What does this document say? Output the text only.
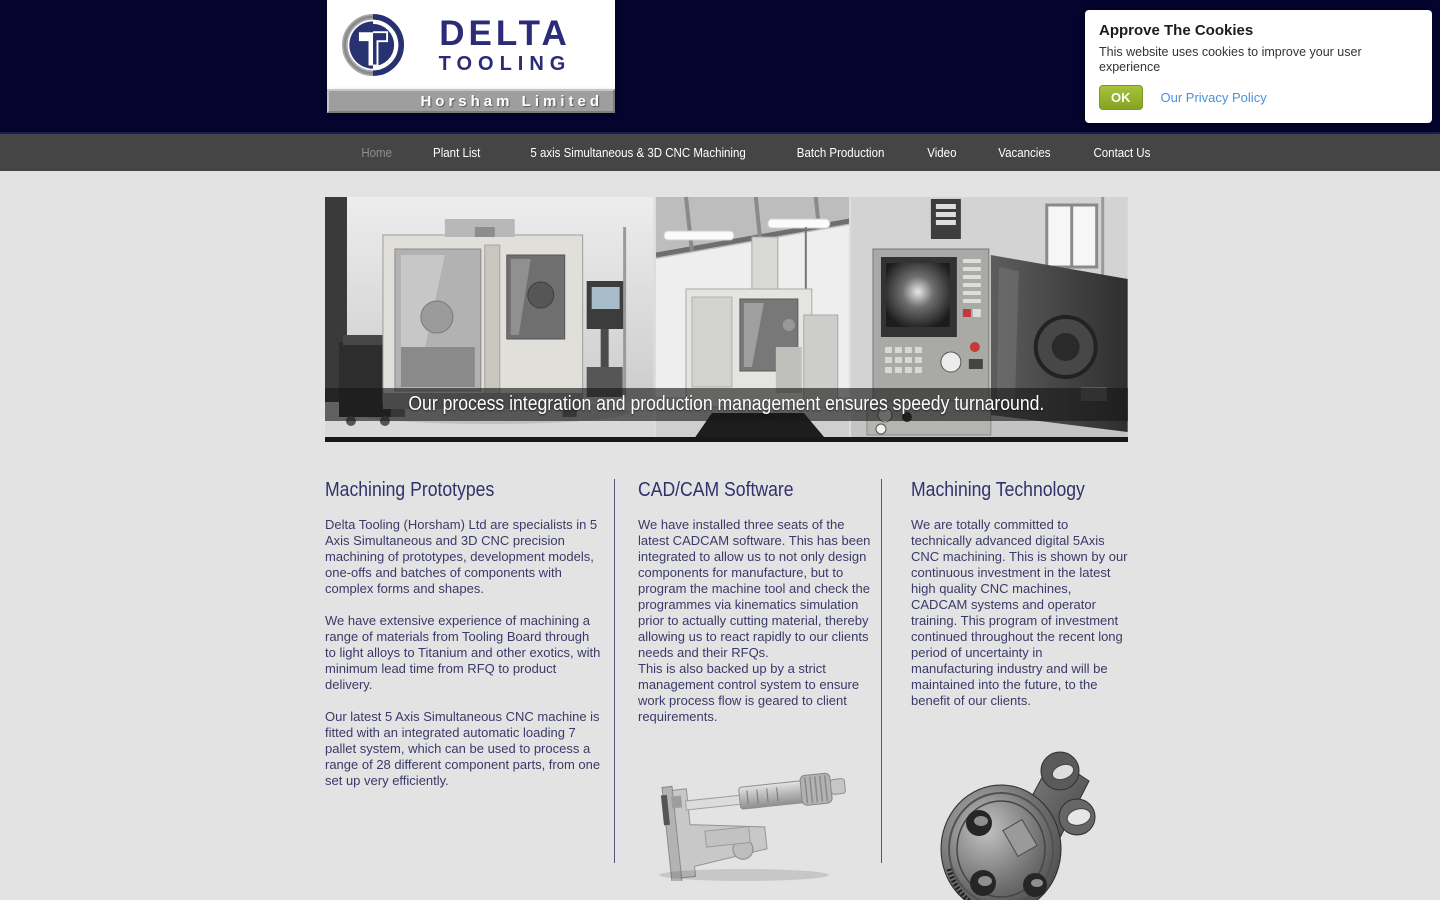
DELTA
TOOLING
Horsham Limited
Approve The Cookies
This website uses cookies to improve your user experience
OK	Our Privacy Policy
Home	Plant List	5 axis Simultaneous & 3D CNC Machining	Batch Production	Video	Vacancies	Contact Us
Our process integration and production management ensures speedy turnaround.
Machining Prototypes

Delta Tooling (Horsham) Ltd are specialists in 5 Axis Simultaneous and 3D CNC precision machining of prototypes, development models, one-offs and batches of components with complex forms and shapes.

We have extensive experience of machining a range of materials from Tooling Board through to light alloys to Titanium and other exotics, with minimum lead time from RFQ to product delivery.

Our latest 5 Axis Simultaneous CNC machine is fitted with an integrated automatic loading 7 pallet system, which can be used to process a range of 28 different component parts, from one set up very efficiently.

CAD/CAM Software

We have installed three seats of the latest CADCAM software. This has been integrated to allow us to not only design components for manufacture, but to program the machine tool and check the programmes via kinematics simulation prior to actually cutting material, thereby allowing us to react rapidly to our clients needs and their RFQs.

This is also backed up by a strict management control system to ensure work process flow is geared to client requirements.

Machining Technology

We are totally committed to technically advanced digital 5Axis CNC machining. This is shown by our continuous investment in the latest high quality CNC machines, CADCAM systems and operator training. This program of investment continued throughout the recent long period of uncertainty in manufacturing industry and will be maintained into the future, to the benefit of our clients.
